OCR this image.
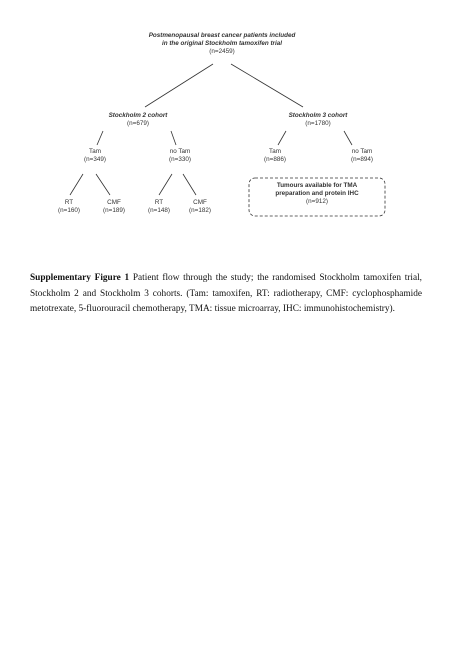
Postmenopausal breast cancer patients included
in the original Stockholm tamoxifen trial
(n=2459)
Stockholm 2 cohort
(n=679)
Stockholm 3 cohort
(n=1780)
Tam
(n=349)
no Tam
(n=330)
Tam
(n=886)
no Tam
(n=894)
RT
(n=160)
CMF
(n=189)
RT
(n=148)
CMF
(n=182)
Tumours available for TMA
preparation and protein IHC
(n=912)

Supplementary Figure 1 Patient flow through the study; the randomised Stockholm tamoxifen trial, Stockholm 2 and Stockholm 3 cohorts. (Tam: tamoxifen, RT: radiotherapy, CMF: cyclophosphamide metotrexate, 5-fluorouracil chemotherapy, TMA: tissue microarray, IHC: immunohistochemistry).
